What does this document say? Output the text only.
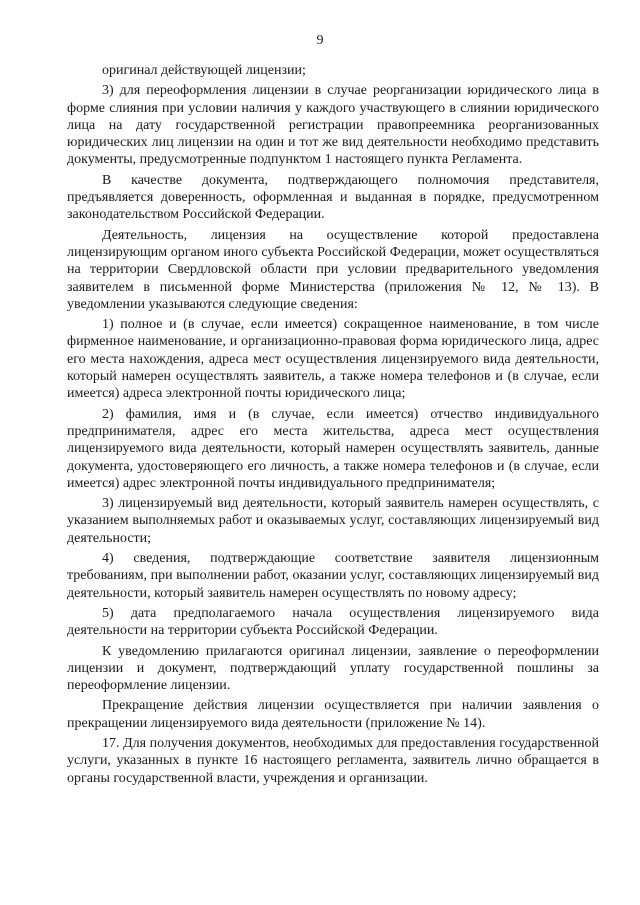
9

оригинал действующей лицензии;

3) для переоформления лицензии в случае реорганизации юридического лица в форме слияния при условии наличия у каждого участвующего в слиянии юридического лица на дату государственной регистрации правопреемника реорганизованных юридических лиц лицензии на один и тот же вид деятельности необходимо представить документы, предусмотренные подпунктом 1 настоящего пункта Регламента.

В качестве документа, подтверждающего полномочия представителя, предъявляется доверенность, оформленная и выданная в порядке, предусмотренном законодательством Российской Федерации.

Деятельность, лицензия на осуществление которой предоставлена лицензирующим органом иного субъекта Российской Федерации, может осуществляться на территории Свердловской области при условии предварительного уведомления заявителем в письменной форме Министерства (приложения № 12, № 13). В уведомлении указываются следующие сведения:

1) полное и (в случае, если имеется) сокращенное наименование, в том числе фирменное наименование, и организационно-правовая форма юридического лица, адрес его места нахождения, адреса мест осуществления лицензируемого вида деятельности, который намерен осуществлять заявитель, а также номера телефонов и (в случае, если имеется) адреса электронной почты юридического лица;

2) фамилия, имя и (в случае, если имеется) отчество индивидуального предпринимателя, адрес его места жительства, адреса мест осуществления лицензируемого вида деятельности, который намерен осуществлять заявитель, данные документа, удостоверяющего его личность, а также номера телефонов и (в случае, если имеется) адрес электронной почты индивидуального предпринимателя;

3) лицензируемый вид деятельности, который заявитель намерен осуществлять, с указанием выполняемых работ и оказываемых услуг, составляющих лицензируемый вид деятельности;

4) сведения, подтверждающие соответствие заявителя лицензионным требованиям, при выполнении работ, оказании услуг, составляющих лицензируемый вид деятельности, который заявитель намерен осуществлять по новому адресу;

5) дата предполагаемого начала осуществления лицензируемого вида деятельности на территории субъекта Российской Федерации.

К уведомлению прилагаются оригинал лицензии, заявление о переоформлении лицензии и документ, подтверждающий уплату государственной пошлины за переоформление лицензии.

Прекращение действия лицензии осуществляется при наличии заявления о прекращении лицензируемого вида деятельности (приложение № 14).

17. Для получения документов, необходимых для предоставления государственной услуги, указанных в пункте 16 настоящего регламента, заявитель лично обращается в органы государственной власти, учреждения и организации.
